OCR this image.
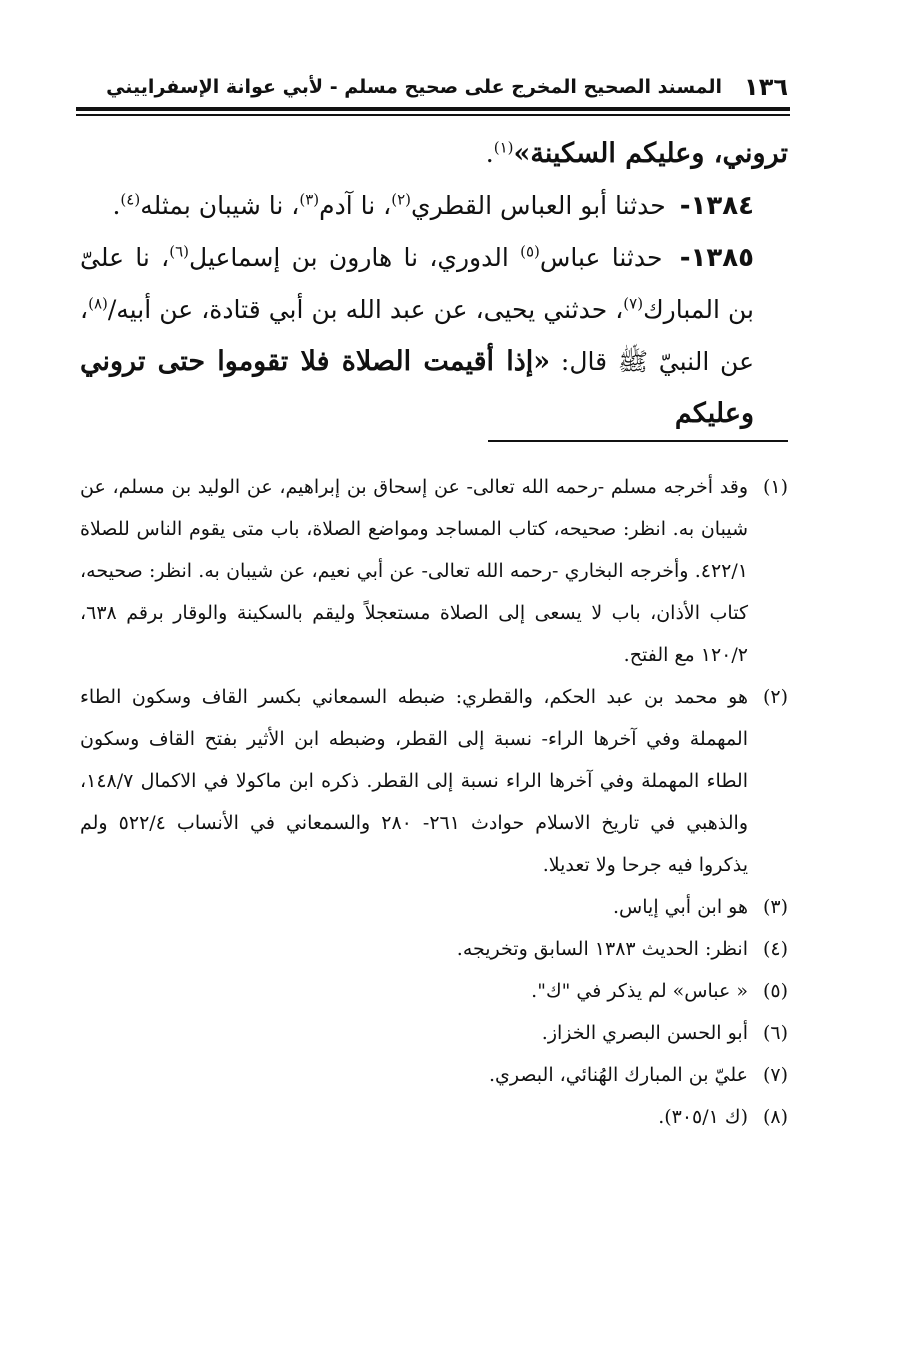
١٣٦
المسند الصحيح المخرج على صحيح مسلم - لأبي عوانة الإسفراييني

تروني، وعليكم السكينة»$^{(١)}$.

١٣٨٤- حدثنا أبو العباس القطري$^{(٢)}$، نا آدم$^{(٣)}$، نا شيبان بمثله$^{(٤)}$.

١٣٨٥- حدثنا عباس$^{(٥)}$ الدوري، نا هارون بن إسماعيل$^{(٦)}$، نا علىّ بن المبارك$^{(٧)}$، حدثني يحيى، عن عبد الله بن أبي قتادة، عن أبيه/$^{(٨)}$، عن النبيّ ﷺ قال: «إذا أقيمت الصلاة فلا تقوموا حتى تروني وعليكم

(١)
وقد أخرجه مسلم -رحمه الله تعالى- عن إسحاق بن إبراهيم، عن الوليد بن مسلم، عن شيبان به. انظر: صحيحه، كتاب المساجد ومواضع الصلاة، باب متى يقوم الناس للصلاة ٤٢٢/١. وأخرجه البخاري -رحمه الله تعالى- عن أبي نعيم، عن شيبان به. انظر: صحيحه، كتاب الأذان، باب لا يسعى إلى الصلاة مستعجلاً وليقم بالسكينة والوقار برقم ٦٣٨، ١٢٠/٢ مع الفتح.

(٢)
هو محمد بن عبد الحكم، والقطري: ضبطه السمعاني بكسر القاف وسكون الطاء المهملة وفي آخرها الراء- نسبة إلى القطر، وضبطه ابن الأثير بفتح القاف وسكون الطاء المهملة وفي آخرها الراء نسبة إلى القطر. ذكره ابن ماكولا في الاكمال ١٤٨/٧، والذهبي في تاريخ الاسلام حوادث ٢٦١- ٢٨٠ والسمعاني في الأنساب ٥٢٢/٤ ولم يذكروا فيه جرحا ولا تعديلا.

(٣)
هو ابن أبي إياس.

(٤)
انظر: الحديث ١٣٨٣ السابق وتخريجه.

(٥)
« عباس» لم يذكر في "ك".

(٦)
أبو الحسن البصري الخزاز.

(٧)
عليّ بن المبارك الهُنائي، البصري.

(٨)
(ك ٣٠٥/١).
